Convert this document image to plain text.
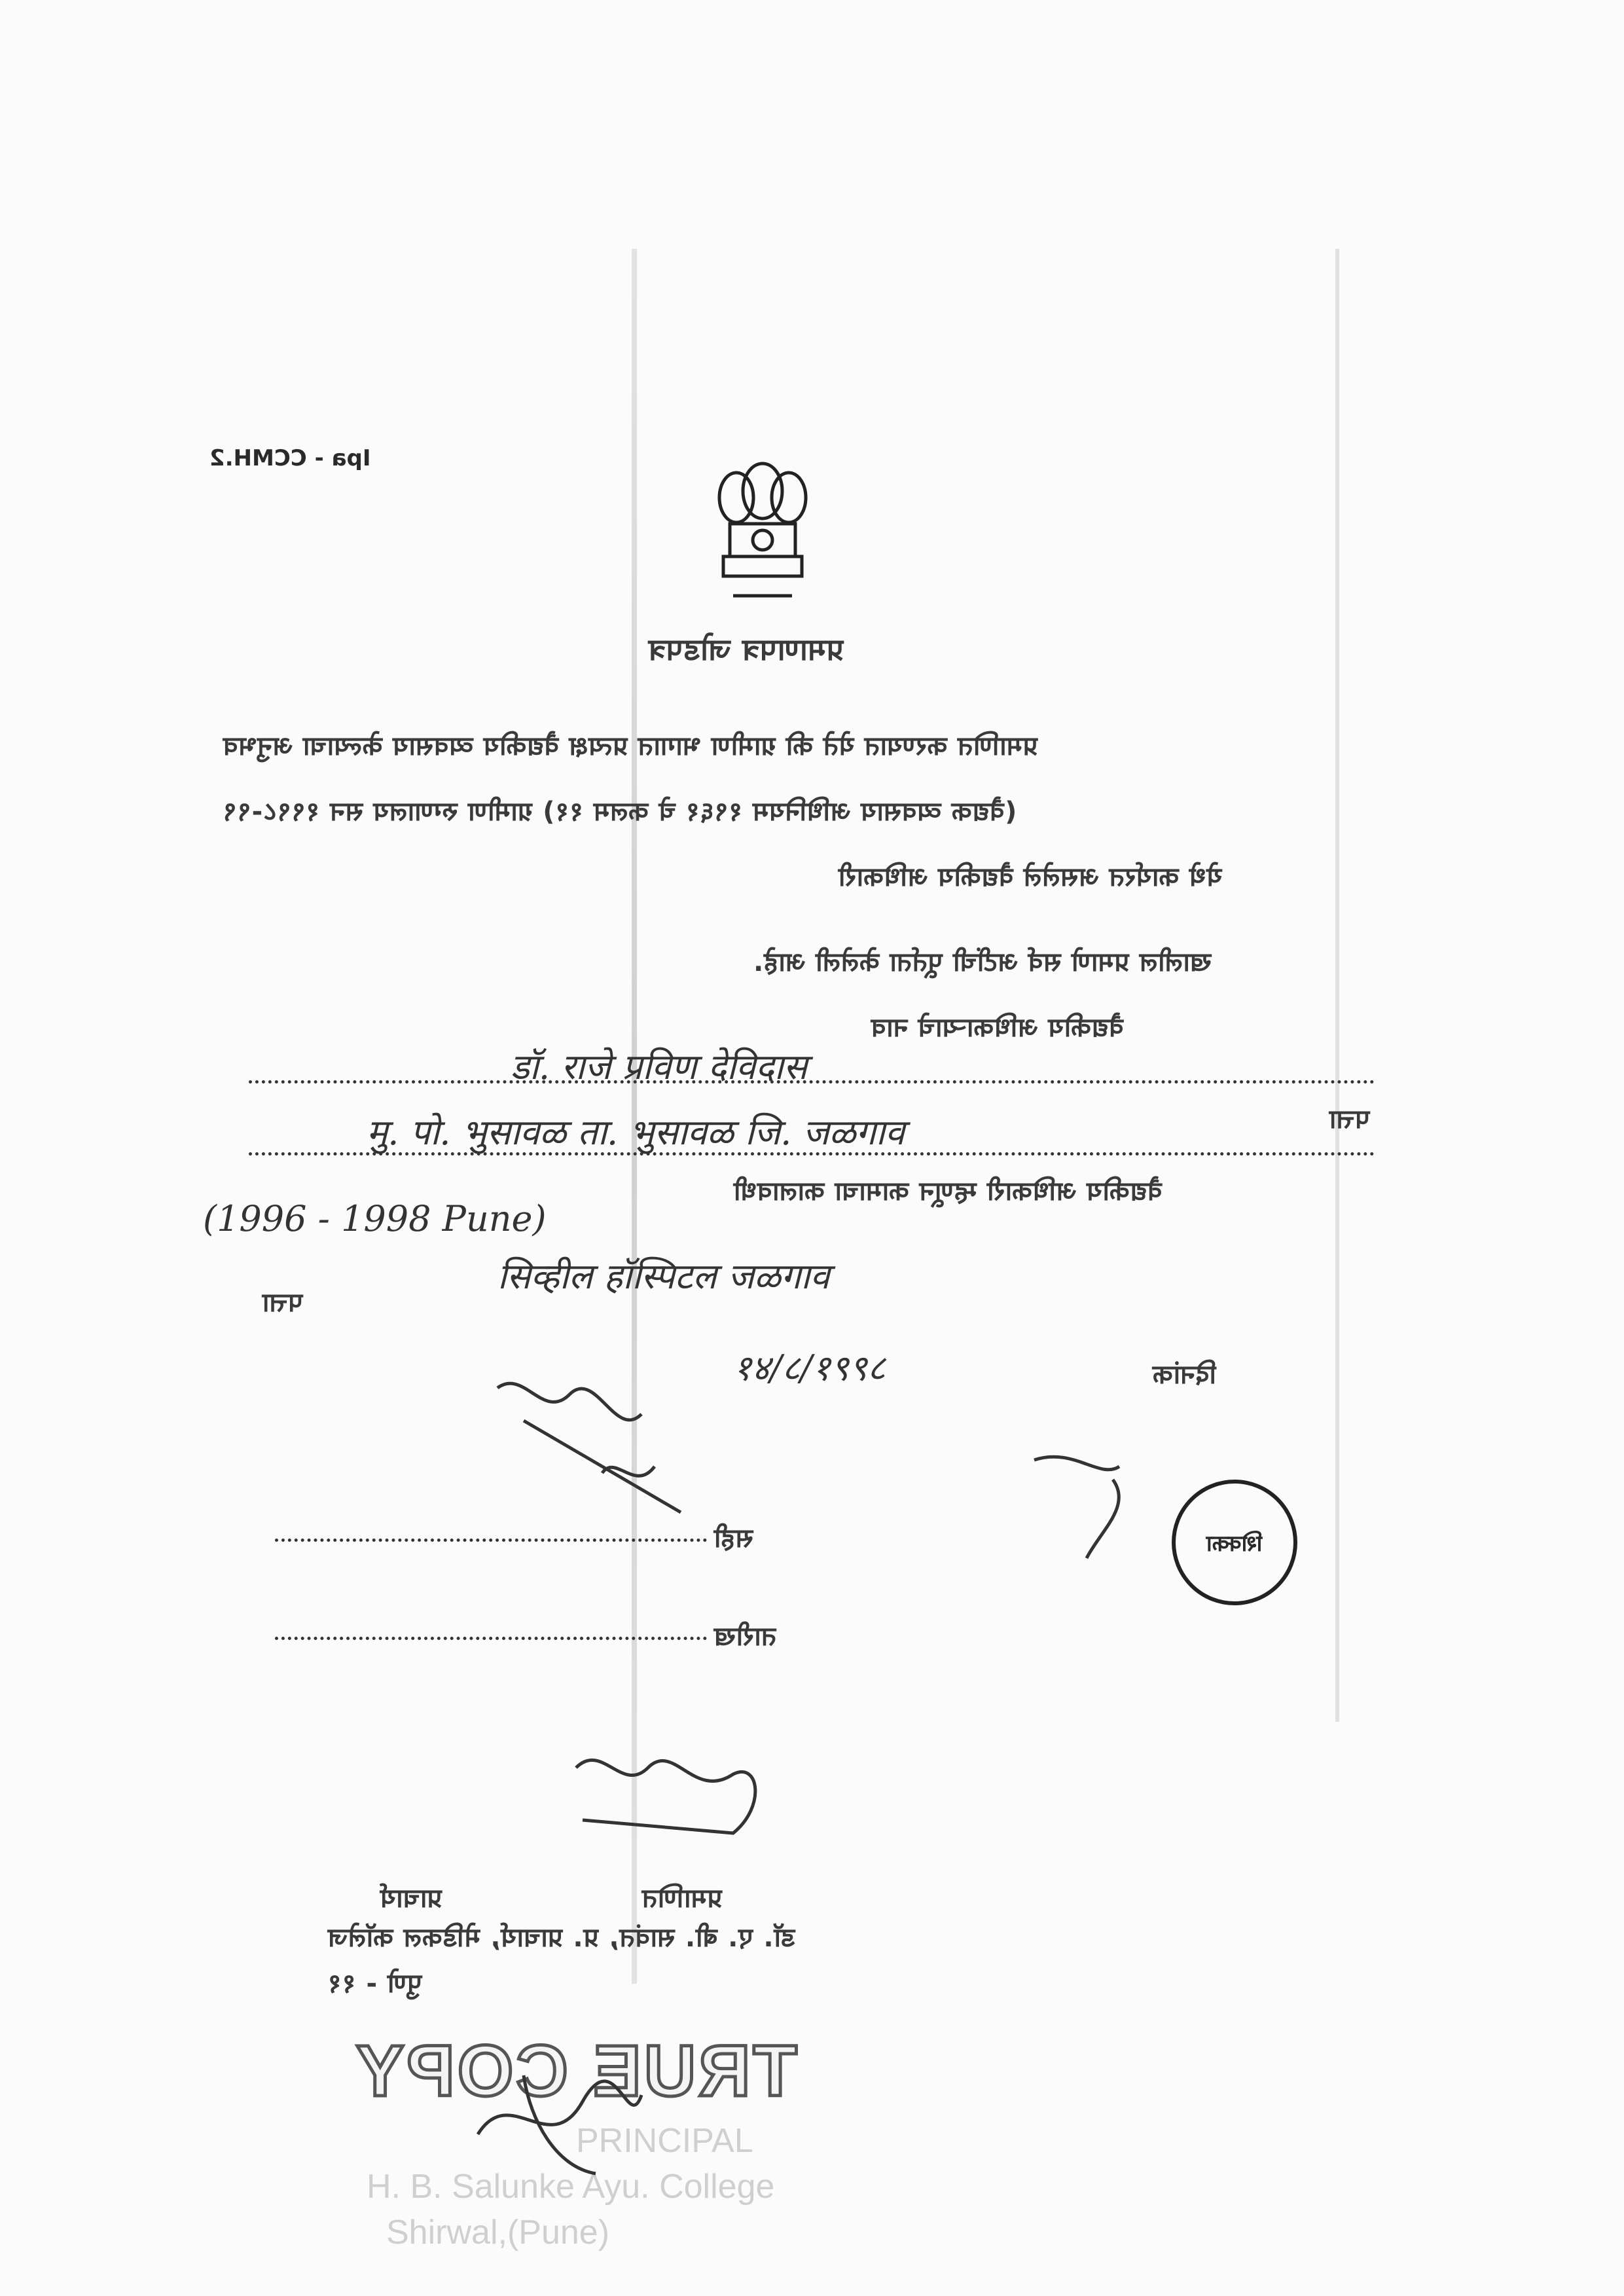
Ipa - CCMH.2
प्रमाणपत्र जोडपत्र
प्रमाणित करण्यात येते की ग्रामीण भागात प्रत्यक्ष वैद्यकीय व्यवसाय केल्याचा अनुभव
(वैद्यक व्यवसाय अधिनियम १९६१ चे कलम ११) ग्रामीण रुग्णालय सन १९९८-९९
येथे कार्यरत असलेले वैद्यकीय अधिकारी
खालील प्रमाणे सर्व अटींची पूर्तता केलेली आहे.
वैद्यकीय अधिकाऱ्याचे नाव
डॉ. राजे प्रविण देविदास
पत्ता
मु. पो. भुसावळ ता. भुसावळ जि. जळगाव
वैद्यकीय अधिकारी म्हणून कामाचा कालावधी
(1996 - 1998 Pune)
पत्ता
सिव्हील हॉस्पिटल जळगाव
दिनांक
१४/८/१९९८
सही
तारीख
शिक्का
प्राचार्य	प्रमाणित
डॉ. ए. बी. सावंत, प्र. प्राचार्य, मेडिकल कॉलेज
पुणे - ११
TRUE COPY
PRINCIPAL
H. B. Salunke Ayu. College
Shirwal,(Pune)
